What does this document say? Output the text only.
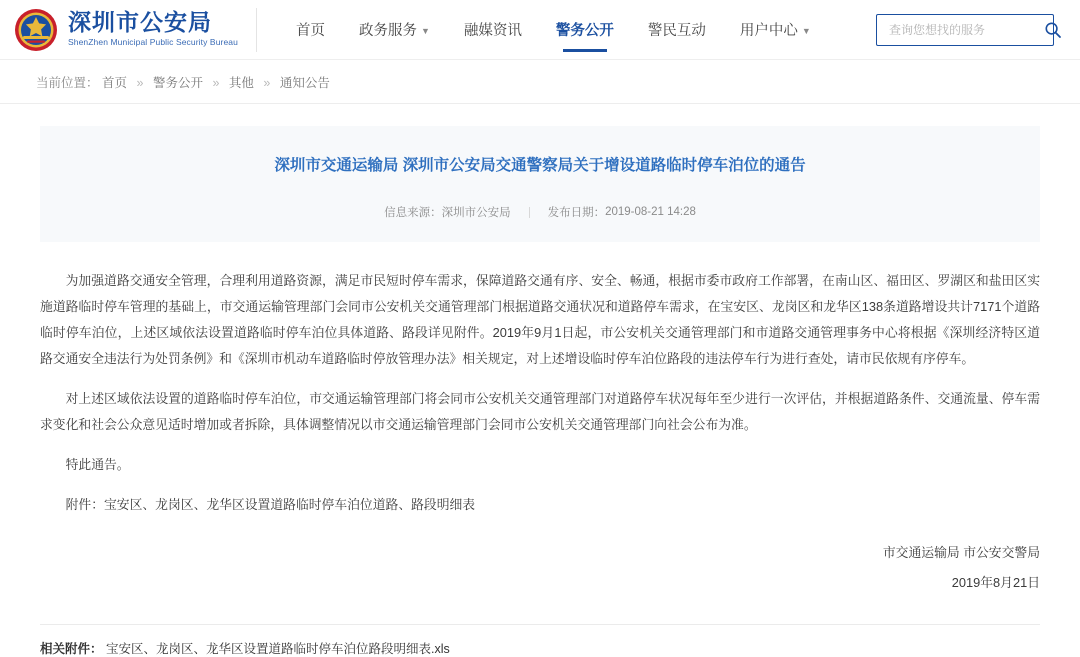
深圳市公安局
ShenZhen Municipal Public Security Bureau
首页 政务服务 ▼ 融媒资讯 警务公开 警民互动 用户中心 ▼
查询您想找的服务
当前位置： 首页 » 警务公开 » 其他 » 通知公告
深圳市交通运输局 深圳市公安局交通警察局关于增设道路临时停车泊位的通告
信息来源： 深圳市公安局	发布日期： 2019-08-21 14:28

为加强道路交通安全管理，合理利用道路资源，满足市民短时停车需求，保障道路交通有序、安全、畅通，根据市委市政府工作部署，在南山区、福田区、罗湖区和盐田区实施道路临时停车管理的基础上，市交通运输管理部门会同市公安机关交通管理部门根据道路交通状况和道路停车需求，在宝安区、龙岗区和龙华区138条道路增设共计7171个道路临时停车泊位，上述区域依法设置道路临时停车泊位具体道路、路段详见附件。2019年9月1日起，市公安机关交通管理部门和市道路交通管理事务中心将根据《深圳经济特区道路交通安全违法行为处罚条例》和《深圳市机动车道路临时停放管理办法》相关规定，对上述增设临时停车泊位路段的违法停车行为进行查处，请市民依规有序停车。

对上述区域依法设置的道路临时停车泊位，市交通运输管理部门将会同市公安机关交通管理部门对道路停车状况每年至少进行一次评估，并根据道路条件、交通流量、停车需求变化和社会公众意见适时增加或者拆除，具体调整情况以市交通运输管理部门会同市公安机关交通管理部门向社会公布为准。

特此通告。

附件：宝安区、龙岗区、龙华区设置道路临时停车泊位道路、路段明细表

市交通运输局 市公安交警局
2019年8月21日
相关附件： 宝安区、龙岗区、龙华区设置道路临时停车泊位路段明细表.xls
